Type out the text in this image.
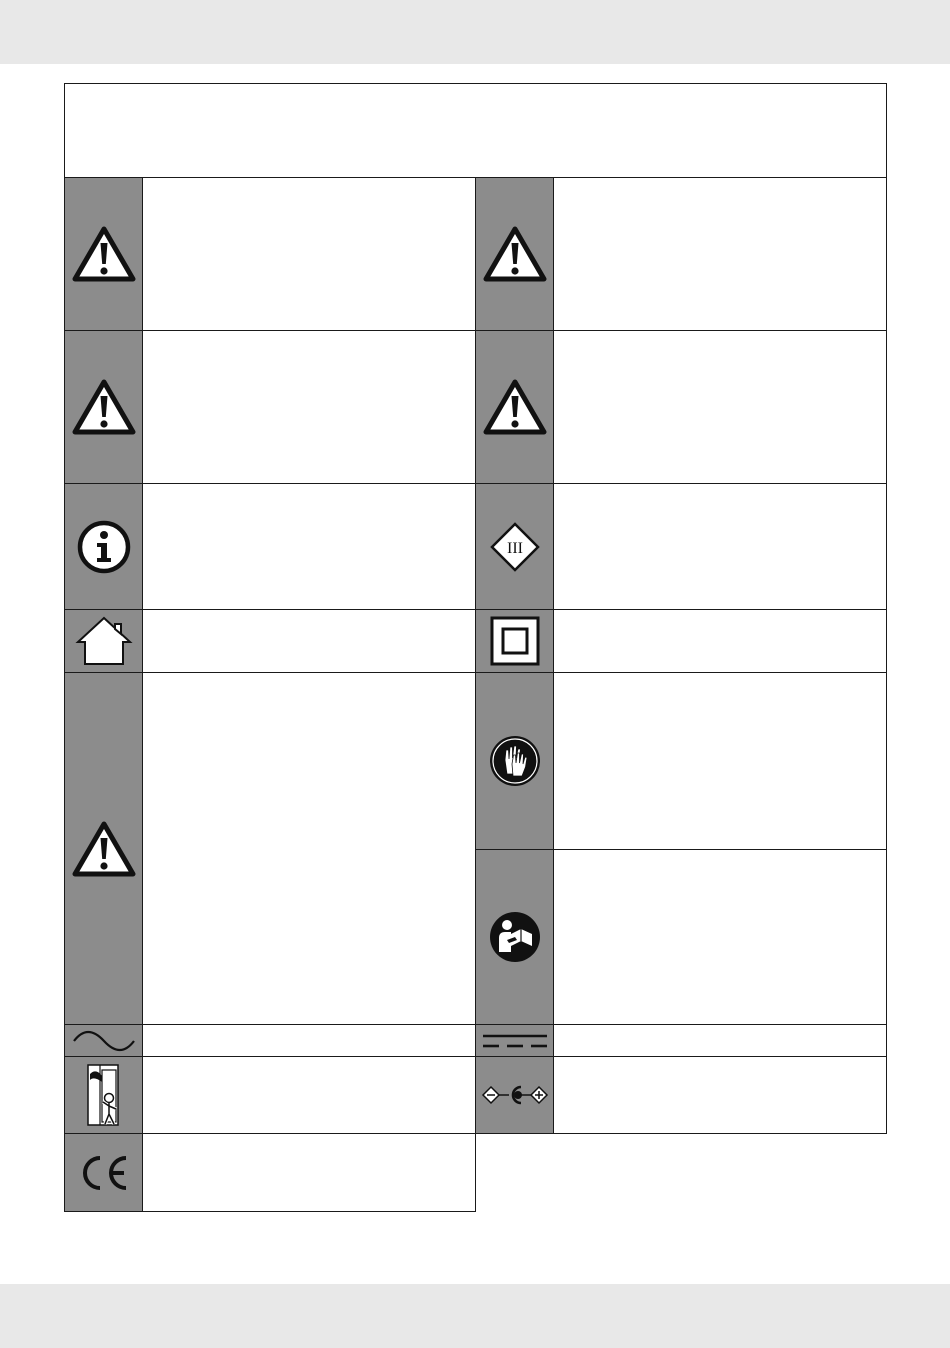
III
